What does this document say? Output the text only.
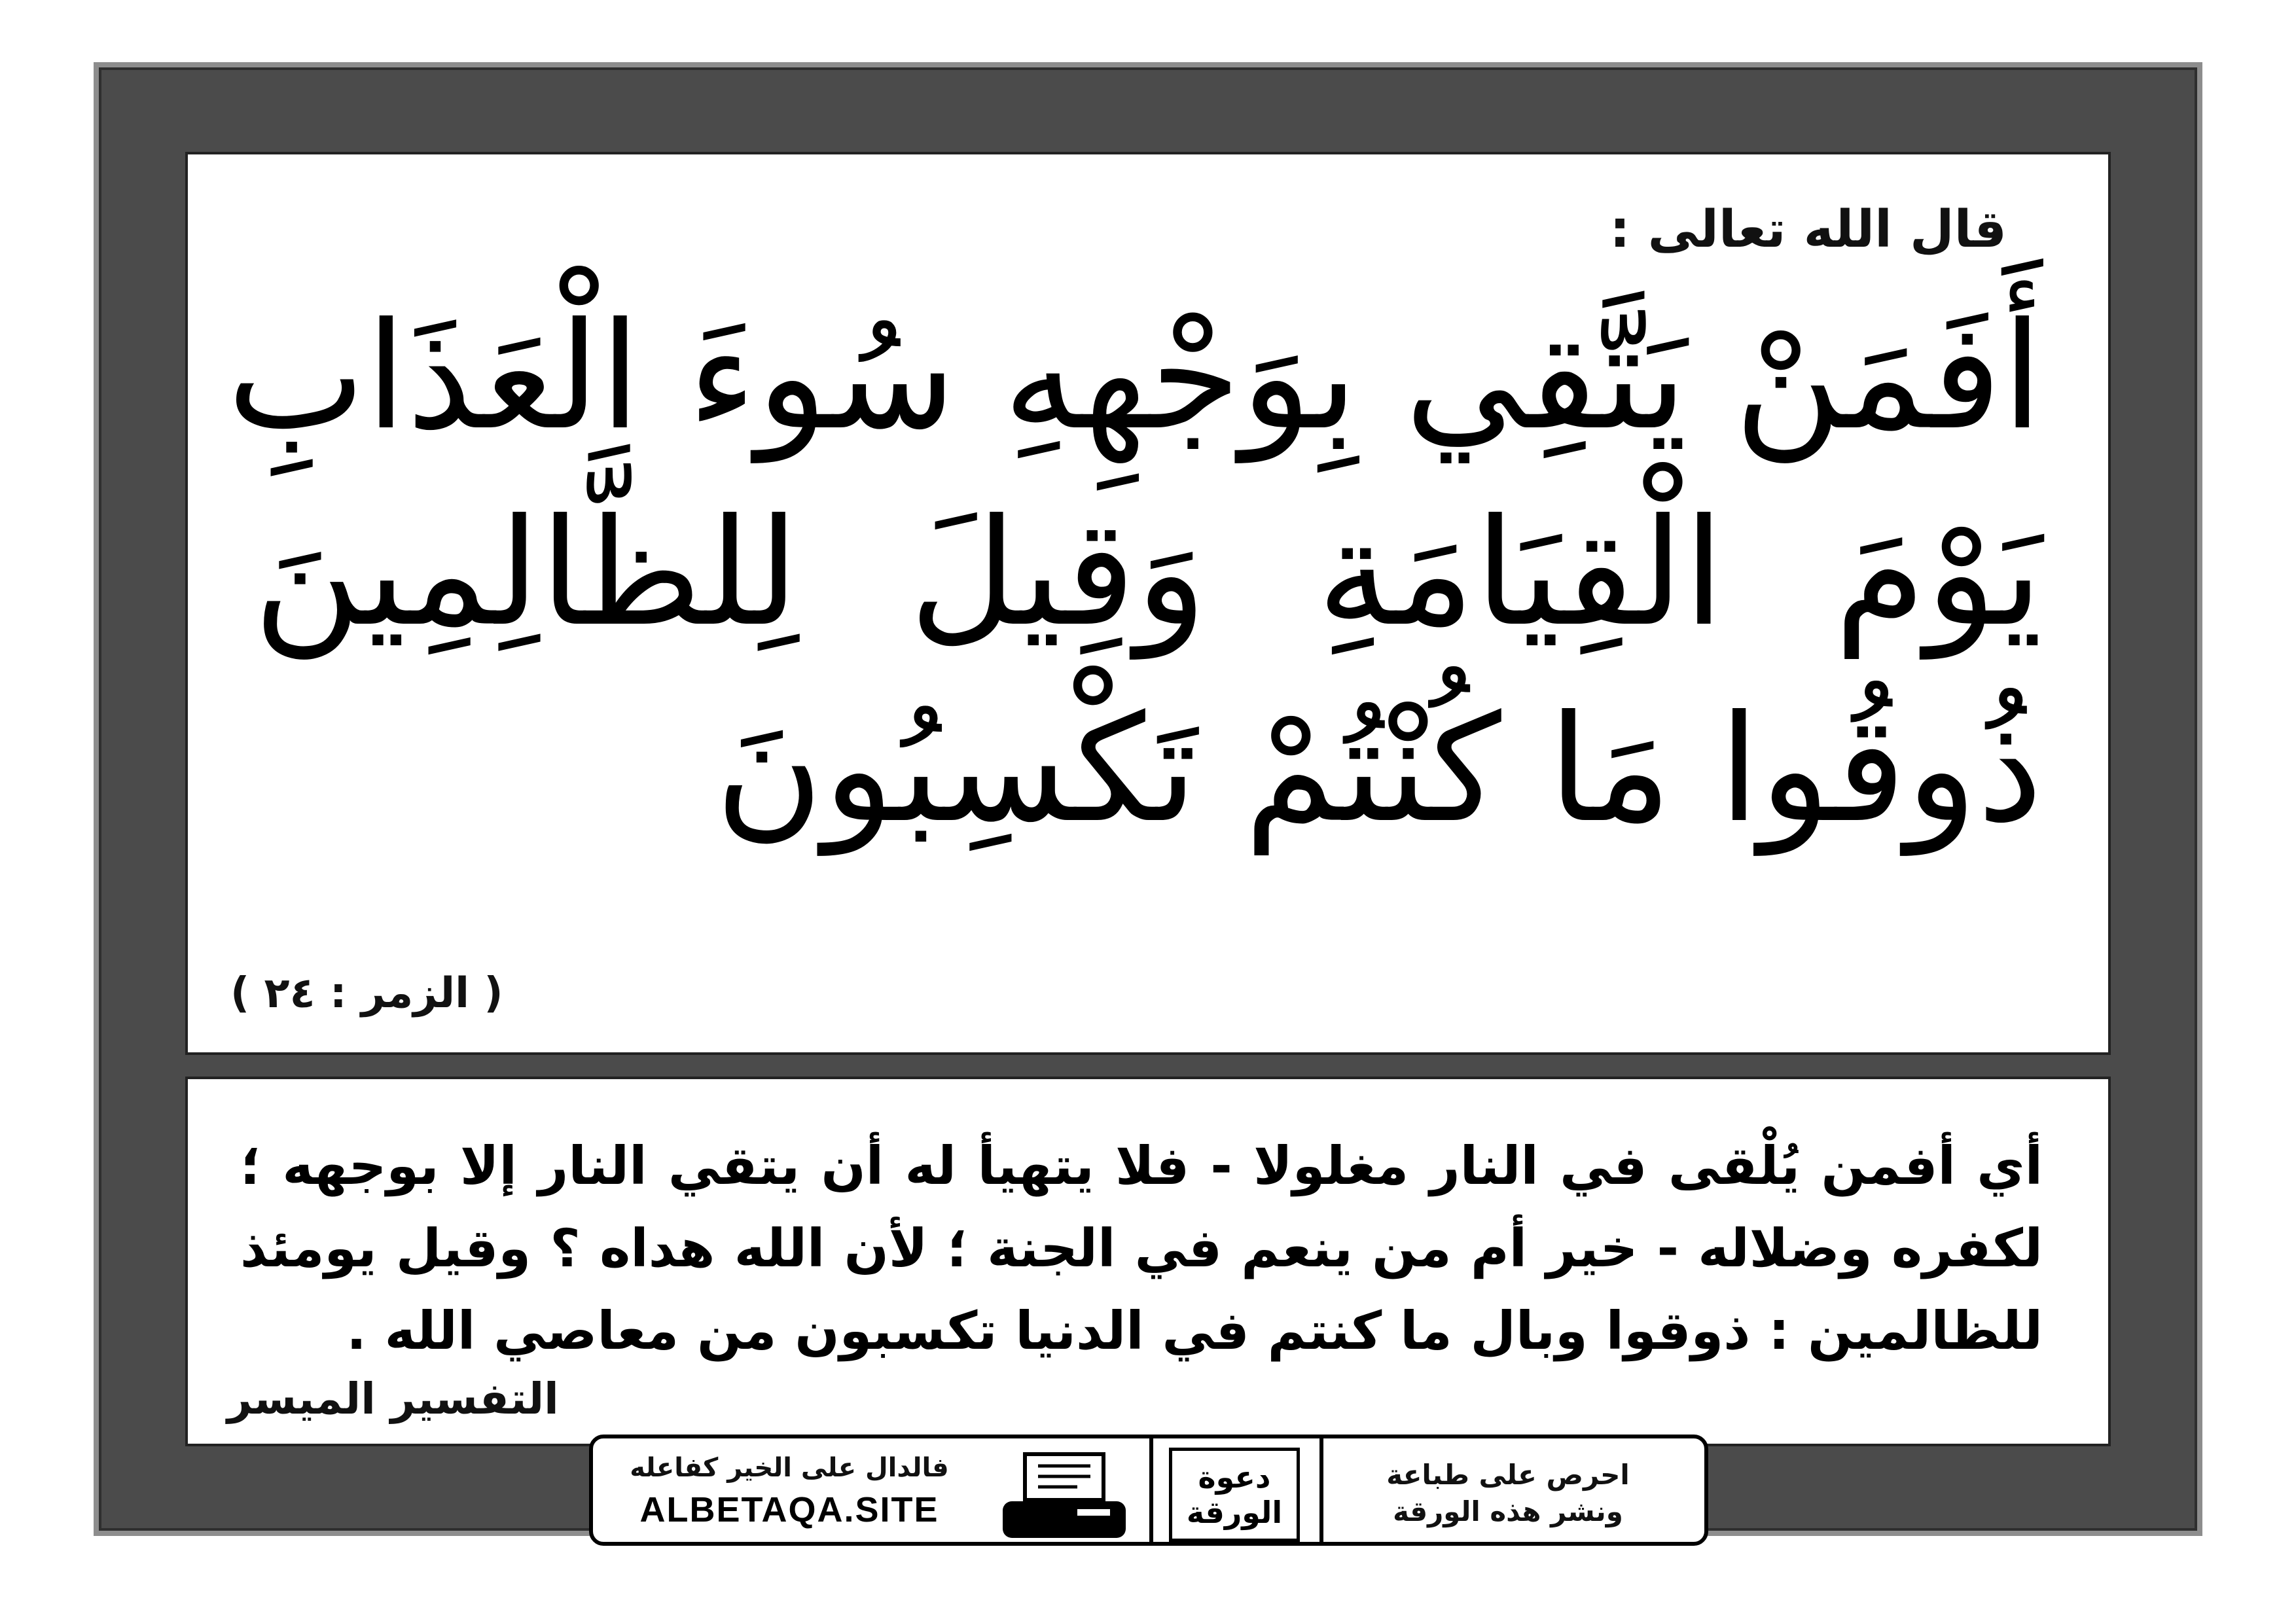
قال الله تعالى :
أَفَمَنْ يَتَّقِي بِوَجْهِهِ سُوءَ الْعَذَابِ
يَوْمَ الْقِيَامَةِ وَقِيلَ لِلظَّالِمِينَ
ذُوقُوا مَا كُنْتُمْ تَكْسِبُونَ
( الزمر : ٢٤ )
أي أفمن يُلْقى في النار مغلولا - فلا يتهيأ له أن يتقي النار إلا بوجهه ؛ لكفره وضلاله - خير أم من ينعم في الجنة ؛ لأن الله هداه ؟ وقيل يومئذ للظالمين : ذوقوا وبال ما كنتم في الدنيا تكسبون من معاصي الله .
التفسير الميسر
فالدال على الخير كفاعله
ALBETAQA.SITE
دعوة
الورقة
احرص على طباعة
ونشر هذه الورقة
